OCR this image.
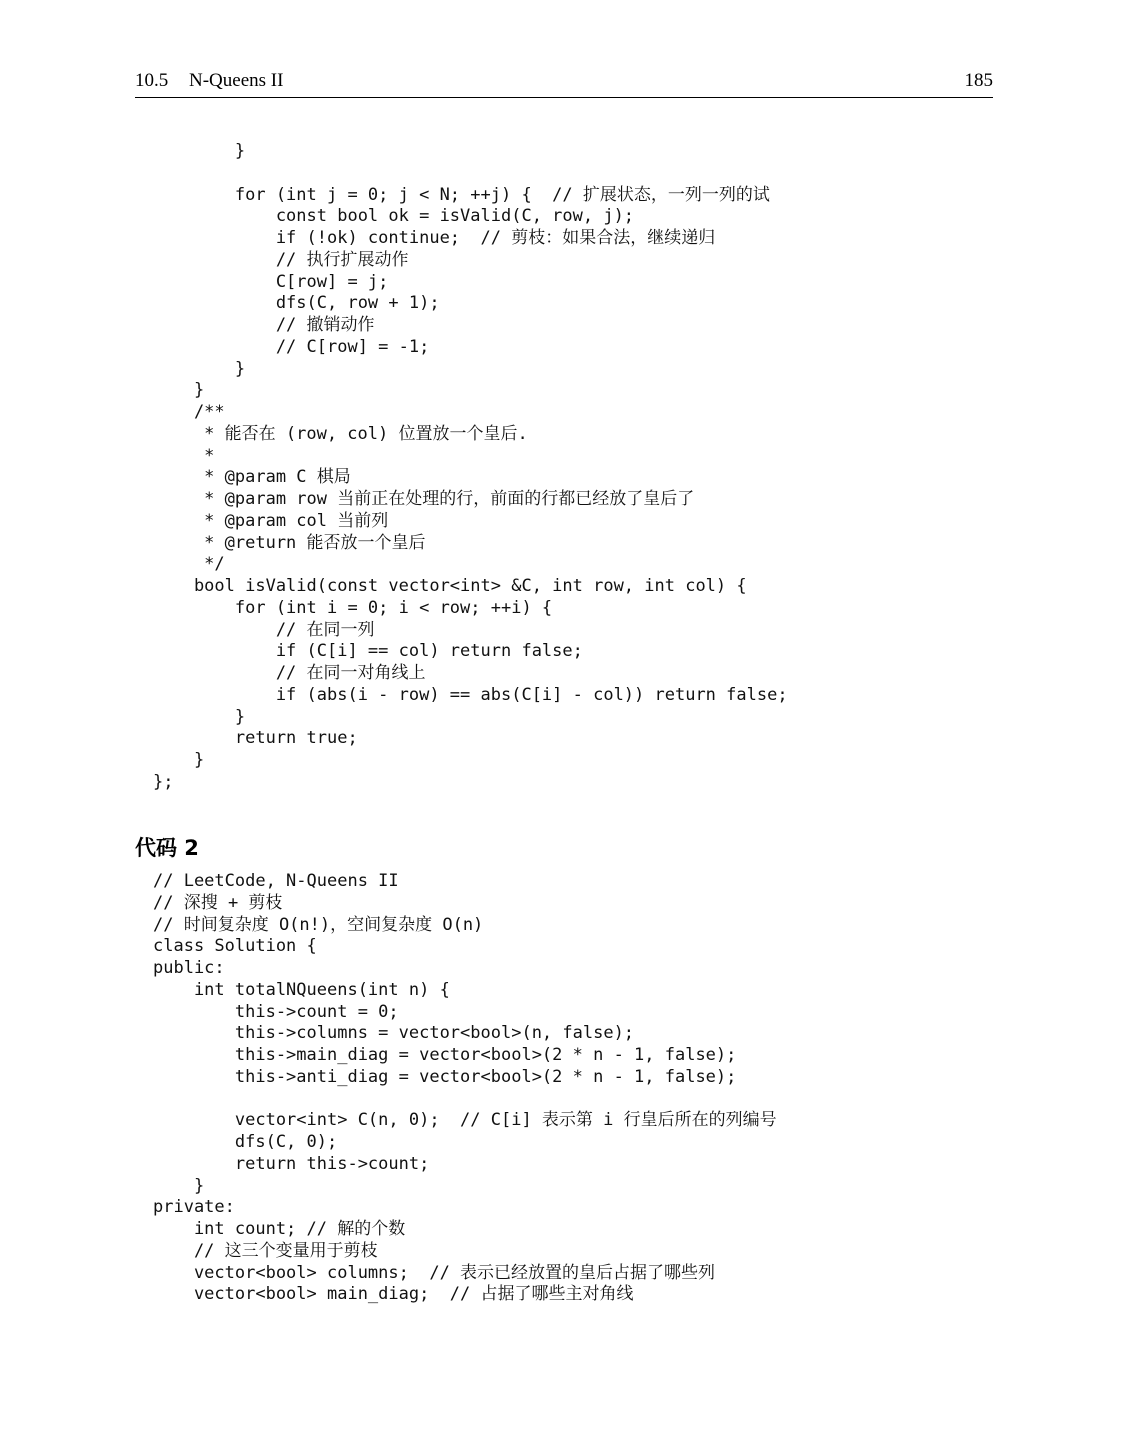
10.5 N-Queens II	185
}
for (int j = 0; j < N; ++j) {  // 扩展状态，一列一列的试
const bool ok = isValid(C, row, j);
if (!ok) continue;  // 剪枝：如果合法，继续递归
// 执行扩展动作
C[row] = j;
dfs(C, row + 1);
// 撤销动作
// C[row] = -1;
}
}
/**
* 能否在 (row, col) 位置放一个皇后.
*
* @param C 棋局
* @param row 当前正在处理的行，前面的行都已经放了皇后了
* @param col 当前列
* @return 能否放一个皇后
*/
bool isValid(const vector<int> &C, int row, int col) {
for (int i = 0; i < row; ++i) {
// 在同一列
if (C[i] == col) return false;
// 在同一对角线上
if (abs(i - row) == abs(C[i] - col)) return false;
}
return true;
}
};
代码 2
// LeetCode, N-Queens II
// 深搜 + 剪枝
// 时间复杂度 O(n!)，空间复杂度 O(n)
class Solution {
public:
int totalNQueens(int n) {
this->count = 0;
this->columns = vector<bool>(n, false);
this->main_diag = vector<bool>(2 * n - 1, false);
this->anti_diag = vector<bool>(2 * n - 1, false);
vector<int> C(n, 0);  // C[i] 表示第 i 行皇后所在的列编号
dfs(C, 0);
return this->count;
}
private:
int count; // 解的个数
// 这三个变量用于剪枝
vector<bool> columns;  // 表示已经放置的皇后占据了哪些列
vector<bool> main_diag;  // 占据了哪些主对角线
